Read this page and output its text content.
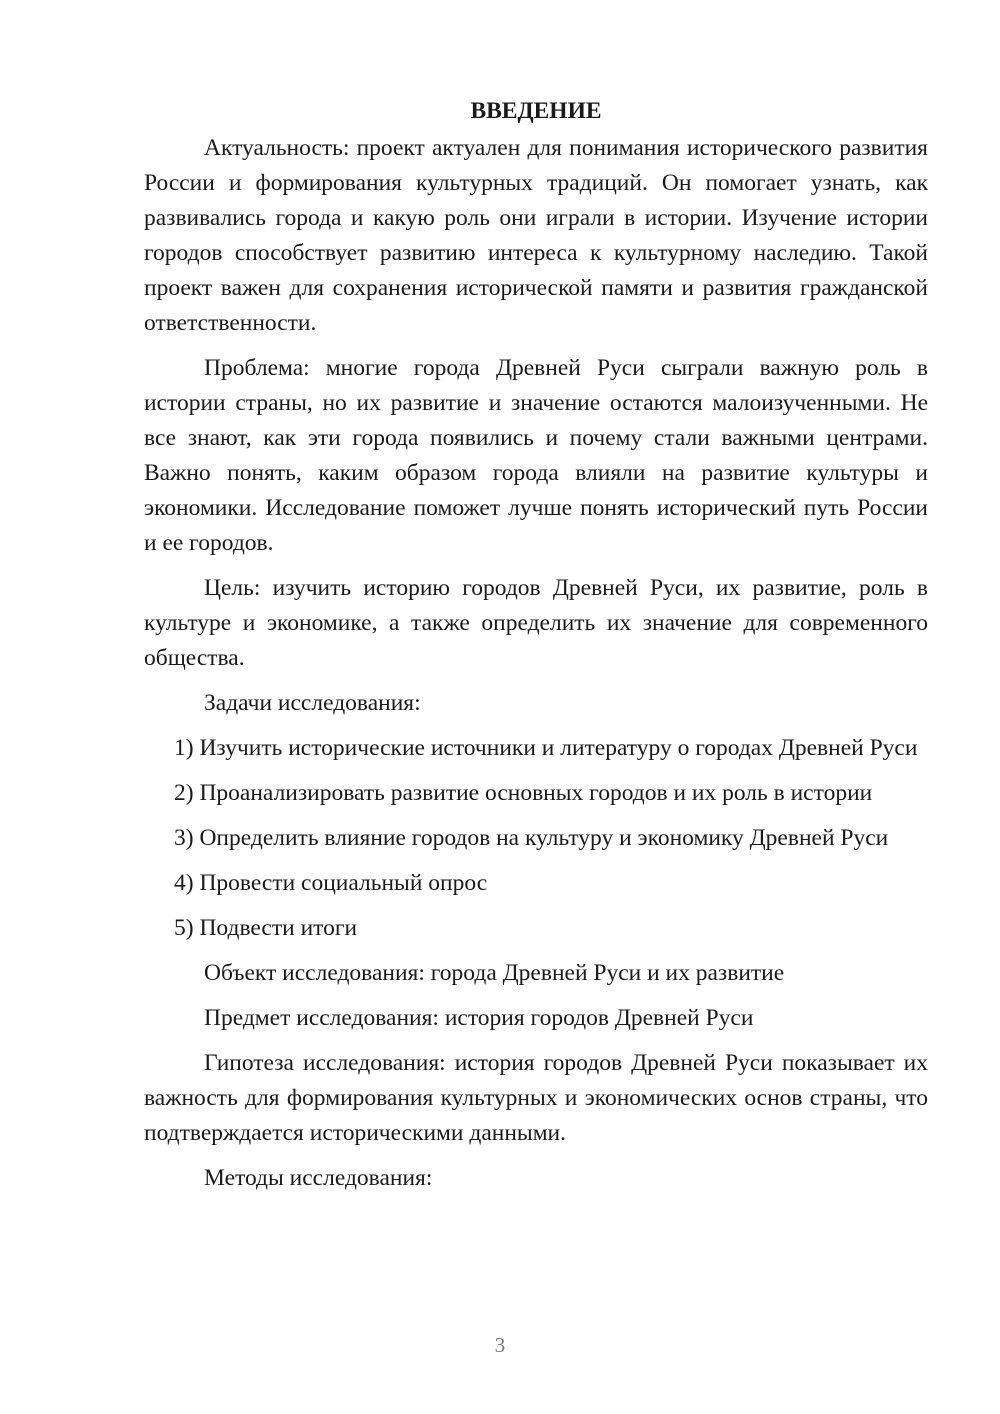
ВВЕДЕНИЕ

Актуальность: проект актуален для понимания исторического развития России и формирования культурных традиций. Он помогает узнать, как развивались города и какую роль они играли в истории. Изучение истории городов способствует развитию интереса к культурному наследию. Такой проект важен для сохранения исторической памяти и развития гражданской ответственности.

Проблема: многие города Древней Руси сыграли важную роль в истории страны, но их развитие и значение остаются малоизученными. Не все знают, как эти города появились и почему стали важными центрами. Важно понять, каким образом города влияли на развитие культуры и экономики. Исследование поможет лучше понять исторический путь России и ее городов.

Цель: изучить историю городов Древней Руси, их развитие, роль в культуре и экономике, а также определить их значение для современного общества.

Задачи исследования:

1) Изучить исторические источники и литературу о городах Древней Руси

2) Проанализировать развитие основных городов и их роль в истории

3) Определить влияние городов на культуру и экономику Древней Руси

4) Провести социальный опрос

5) Подвести итоги

Объект исследования: города Древней Руси и их развитие

Предмет исследования: история городов Древней Руси

Гипотеза исследования: история городов Древней Руси показывает их важность для формирования культурных и экономических основ страны, что подтверждается историческими данными.

Методы исследования:

3
